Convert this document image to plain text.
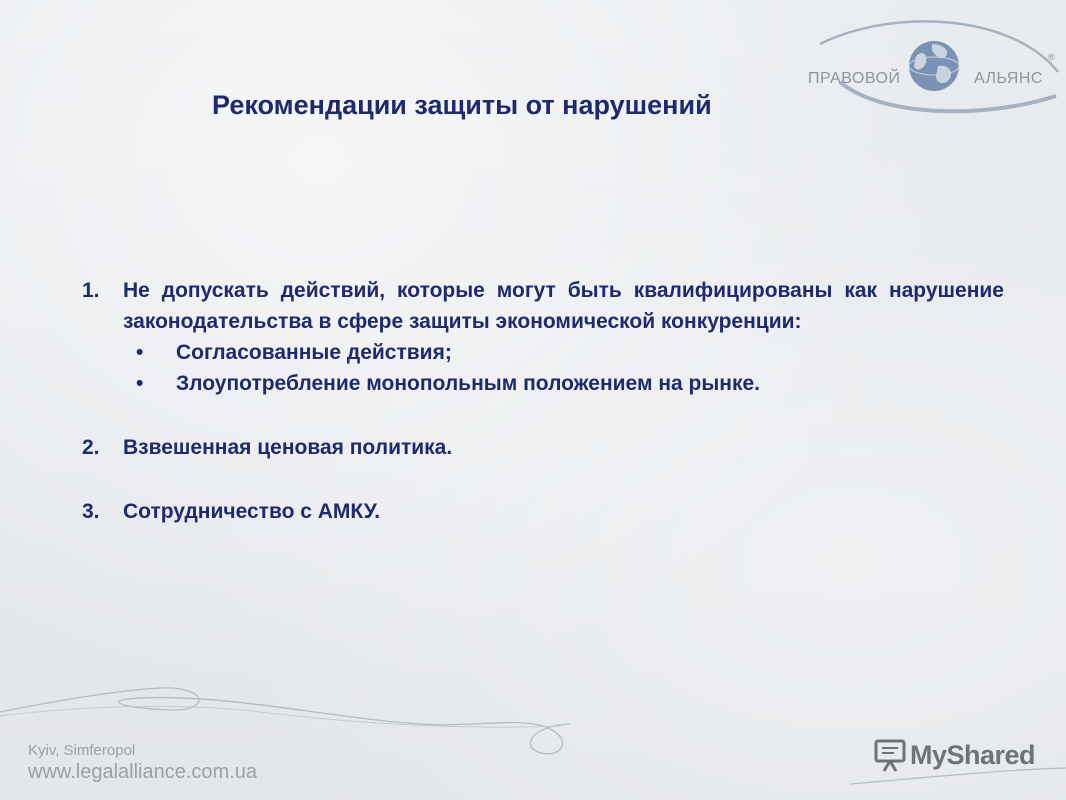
ПРАВОВОЙ	АЛЬЯНС
®
Рекомендации защиты от нарушений
1. Не допускать действий, которые могут быть квалифицированы как нарушение законодательства в сфере защиты экономической конкуренции:
• Согласованные действия;
• Злоупотребление монопольным положением на рынке.
2. Взвешенная ценовая политика.
3. Сотрудничество с АМКУ.
Kyiv, Simferopol
www.legalalliance.com.ua
MyShared
